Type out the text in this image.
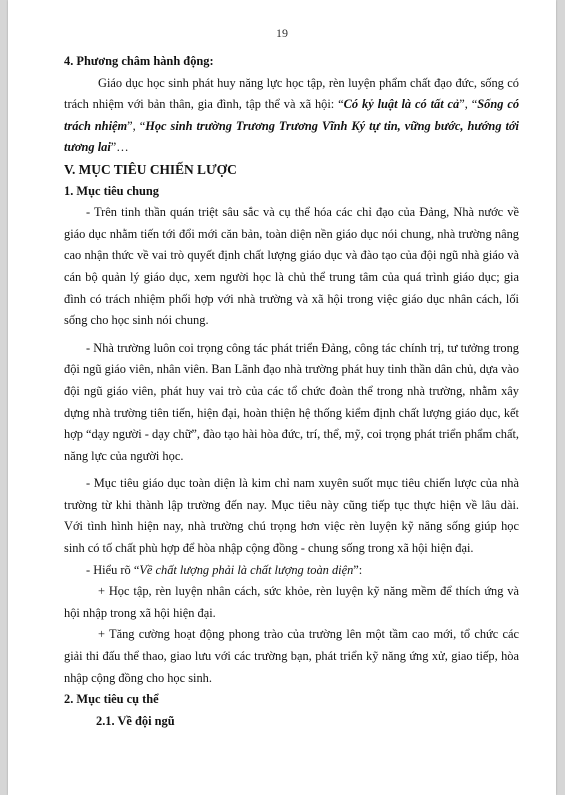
19

4. Phương châm hành động:

Giáo dục học sinh phát huy năng lực học tập, rèn luyện phẩm chất đạo đức, sống có trách nhiệm với bản thân, gia đình, tập thể và xã hội: “Có kỷ luật là có tất cả”, “Sống có trách nhiệm”, “Học sinh trường Trương Trương Vĩnh Ký tự tin, vững bước, hướng tới tương lai”…

V. MỤC TIÊU CHIẾN LƯỢC

1. Mục tiêu chung

- Trên tinh thần quán triệt sâu sắc và cụ thể hóa các chỉ đạo của Đảng, Nhà nước về giáo dục nhằm tiến tới đổi mới căn bản, toàn diện nền giáo dục nói chung, nhà trường nâng cao nhận thức về vai trò quyết định chất lượng giáo dục và đào tạo của đội ngũ nhà giáo và cán bộ quản lý giáo dục, xem người học là chủ thể trung tâm của quá trình giáo dục; gia đình có trách nhiệm phối hợp với nhà trường và xã hội trong việc giáo dục nhân cách, lối sống cho học sinh nói chung.

- Nhà trường luôn coi trọng công tác phát triển Đảng, công tác chính trị, tư tưởng trong đội ngũ giáo viên, nhân viên. Ban Lãnh đạo nhà trường phát huy tinh thần dân chủ, dựa vào đội ngũ giáo viên, phát huy vai trò của các tổ chức đoàn thể trong nhà trường, nhằm xây dựng nhà trường tiên tiến, hiện đại, hoàn thiện hệ thống kiểm định chất lượng giáo dục, kết hợp “dạy người - dạy chữ”, đào tạo hài hòa đức, trí, thể, mỹ, coi trọng phát triển phẩm chất, năng lực của người học.

- Mục tiêu giáo dục toàn diện là kim chỉ nam xuyên suốt mục tiêu chiến lược của nhà trường từ khi thành lập trường đến nay. Mục tiêu này cũng tiếp tục thực hiện về lâu dài. Với tình hình hiện nay, nhà trường chú trọng hơn việc rèn luyện kỹ năng sống giúp học sinh có tố chất phù hợp để hòa nhập cộng đồng - chung sống trong xã hội hiện đại.

- Hiểu rõ “Về chất lượng phải là chất lượng toàn diện”:

+ Học tập, rèn luyện nhân cách, sức khỏe, rèn luyện kỹ năng mềm để thích ứng và hội nhập trong xã hội hiện đại.

+ Tăng cường hoạt động phong trào của trường lên một tầm cao mới, tổ chức các giải thi đấu thể thao, giao lưu với các trường bạn, phát triển kỹ năng ứng xử, giao tiếp, hòa nhập cộng đồng cho học sinh.

2. Mục tiêu cụ thể

2.1. Về đội ngũ
